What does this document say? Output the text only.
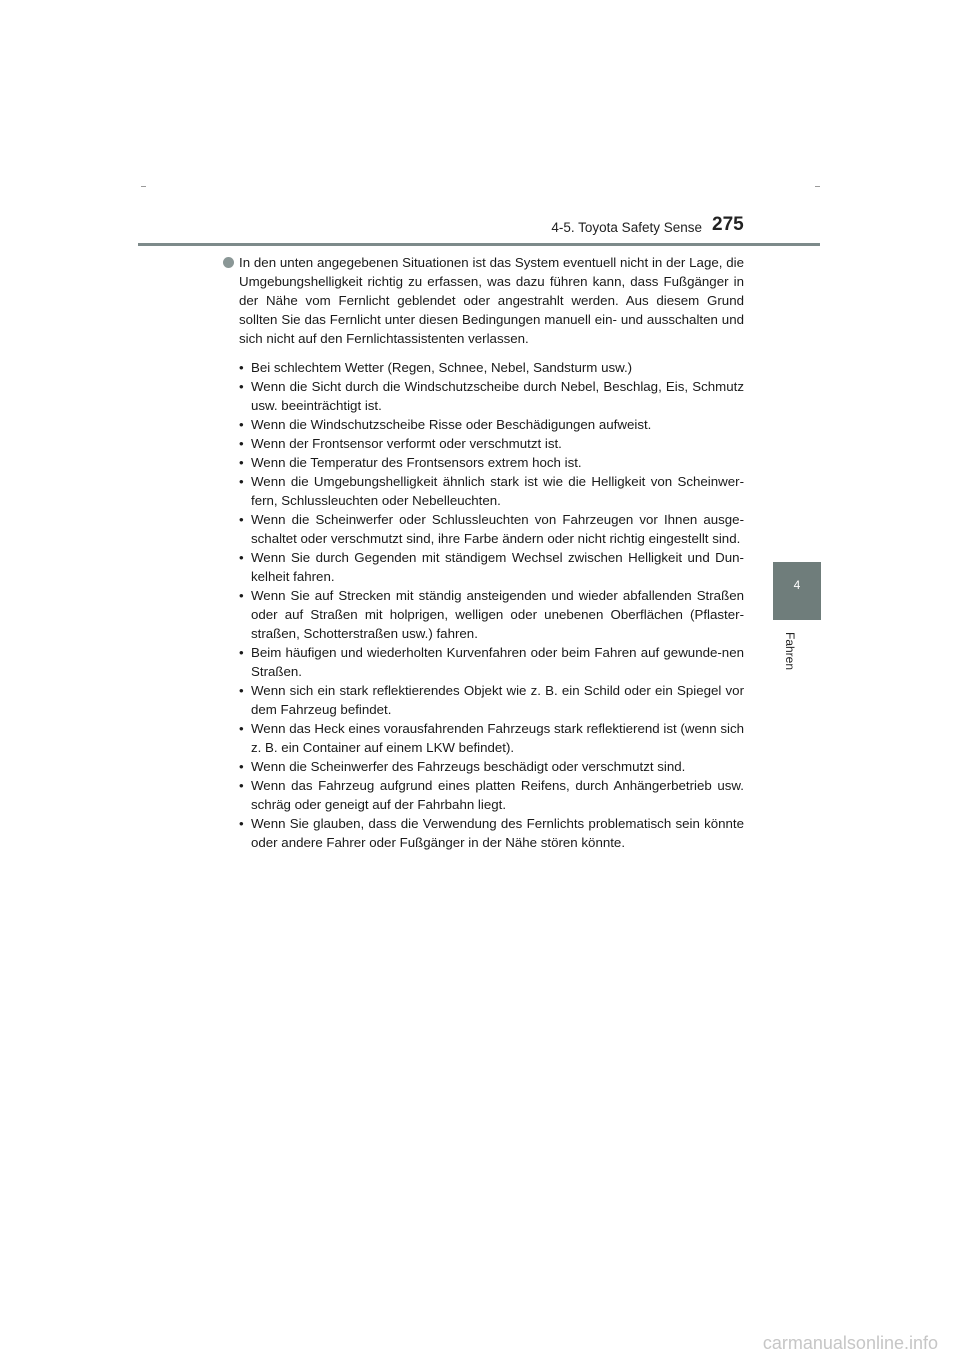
4-5. Toyota Safety Sense 275
4
Fahren

In den unten angegebenen Situationen ist das System eventuell nicht in der Lage, die Umgebungshelligkeit richtig zu erfassen, was dazu führen kann, dass Fußgänger in der Nähe vom Fernlicht geblendet oder angestrahlt werden. Aus diesem Grund sollten Sie das Fernlicht unter diesen Bedingungen manuell ein- und ausschalten und sich nicht auf den Fernlichtassistenten verlassen.

• Bei schlechtem Wetter (Regen, Schnee, Nebel, Sandsturm usw.)
• Wenn die Sicht durch die Windschutzscheibe durch Nebel, Beschlag, Eis, Schmutz usw. beeinträchtigt ist.
• Wenn die Windschutzscheibe Risse oder Beschädigungen aufweist.
• Wenn der Frontsensor verformt oder verschmutzt ist.
• Wenn die Temperatur des Frontsensors extrem hoch ist.
• Wenn die Umgebungshelligkeit ähnlich stark ist wie die Helligkeit von Scheinwer-fern, Schlussleuchten oder Nebelleuchten.
• Wenn die Scheinwerfer oder Schlussleuchten von Fahrzeugen vor Ihnen ausge-schaltet oder verschmutzt sind, ihre Farbe ändern oder nicht richtig eingestellt sind.
• Wenn Sie durch Gegenden mit ständigem Wechsel zwischen Helligkeit und Dun-kelheit fahren.
• Wenn Sie auf Strecken mit ständig ansteigenden und wieder abfallenden Straßen oder auf Straßen mit holprigen, welligen oder unebenen Oberflächen (Pflaster-straßen, Schotterstraßen usw.) fahren.
• Beim häufigen und wiederholten Kurvenfahren oder beim Fahren auf gewunde-nen Straßen.
• Wenn sich ein stark reflektierendes Objekt wie z. B. ein Schild oder ein Spiegel vor dem Fahrzeug befindet.
• Wenn das Heck eines vorausfahrenden Fahrzeugs stark reflektierend ist (wenn sich z. B. ein Container auf einem LKW befindet).
• Wenn die Scheinwerfer des Fahrzeugs beschädigt oder verschmutzt sind.
• Wenn das Fahrzeug aufgrund eines platten Reifens, durch Anhängerbetrieb usw. schräg oder geneigt auf der Fahrbahn liegt.
• Wenn Sie glauben, dass die Verwendung des Fernlichts problematisch sein könnte oder andere Fahrer oder Fußgänger in der Nähe stören könnte.
carmanualsonline.info
